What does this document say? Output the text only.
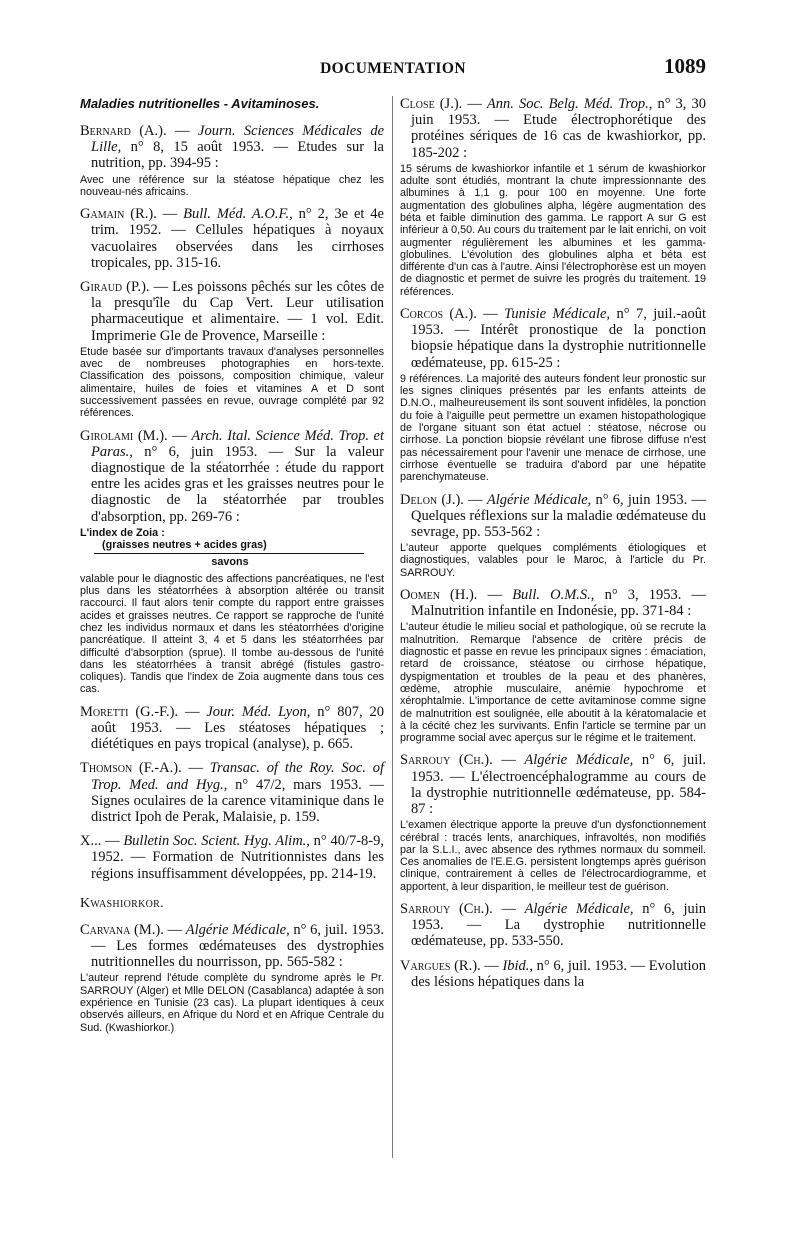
DOCUMENTATION	1089
Maladies nutritionelles - Avitaminoses.

Bernard (A.). — Journ. Sciences Médicales de Lille, n° 8, 15 août 1953. — Etudes sur la nutrition, pp. 394-95 :

Avec une référence sur la stéatose hépatique chez les nouveau-nés africains.

Gamain (R.). — Bull. Méd. A.O.F., n° 2, 3e et 4e trim. 1952. — Cellules hépatiques à noyaux vacuolaires observées dans les cirrhoses tropicales, pp. 315-16.

Giraud (P.). — Les poissons pêchés sur les côtes de la presqu'île du Cap Vert. Leur utilisation pharmaceutique et alimentaire. — 1 vol. Edit. Imprimerie Gle de Provence, Marseille :

Etude basée sur d'importants travaux d'analyses personnelles avec de nombreuses photographies en hors-texte. Classification des poissons, composition chimique, valeur alimentaire, huiles de foies et vitamines A et D sont successivement passées en revue, ouvrage complété par 92 références.

Girolami (M.). — Arch. Ital. Science Méd. Trop. et Paras., n° 6, juin 1953. — Sur la valeur diagnostique de la stéatorrhée : étude du rapport entre les acides gras et les graisses neutres pour le diagnostic de la stéatorrhée par troubles d'absorption, pp. 269-76 :

L'index de Zoia :
(graisses neutres + acides gras)
savons

valable pour le diagnostic des affections pancréatiques, ne l'est plus dans les stéatorrhées à absorption altérée ou transit raccourci. Il faut alors tenir compte du rapport entre graisses acides et graisses neutres. Ce rapport se rapproche de l'unité chez les individus normaux et dans les stéatorrhées d'origine pancréatique. Il atteint 3, 4 et 5 dans les stéatorrhées par difficulté d'absorption (sprue). Il tombe au-dessous de l'unité dans les stéatorrhées à transit abrégé (fistules gastro-coliques). Tandis que l'index de Zoia augmente dans tous ces cas.

Moretti (G.-F.). — Jour. Méd. Lyon, n° 807, 20 août 1953. — Les stéatoses hépatiques ; diététiques en pays tropical (analyse), p. 665.

Thomson (F.-A.). — Transac. of the Roy. Soc. of Trop. Med. and Hyg., n° 47/2, mars 1953. — Signes oculaires de la carence vitaminique dans le district Ipoh de Perak, Malaisie, p. 159.

X... — Bulletin Soc. Scient. Hyg. Alim., n° 40/7-8-9, 1952. — Formation de Nutritionnistes dans les régions insuffisamment développées, pp. 214-19.

Kwashiorkor.

Carvana (M.). — Algérie Médicale, n° 6, juil. 1953. — Les formes œdémateuses des dystrophies nutritionnelles du nourrisson, pp. 565-582 :

L'auteur reprend l'étude complète du syndrome après le Pr. SARROUY (Alger) et Mlle DELON (Casablanca) adaptée à son expérience en Tunisie (23 cas). La plupart identiques à ceux observés ailleurs, en Afrique du Nord et en Afrique Centrale du Sud. (Kwashiorkor.)

Close (J.). — Ann. Soc. Belg. Méd. Trop., n° 3, 30 juin 1953. — Etude électrophorétique des protéines sériques de 16 cas de kwashiorkor, pp. 185-202 :

15 sérums de kwashiorkor infantile et 1 sérum de kwashiorkor adulte sont étudiés, montrant la chute impressionnante des albumines à 1,1 g. pour 100 en moyenne. Une forte augmentation des globulines alpha, légère augmentation des béta et faible diminution des gamma. Le rapport A sur G est inférieur à 0,50. Au cours du traitement par le lait enrichi, on voit augmenter régulièrement les albumines et les gamma-globulines. L'évolution des globulines alpha et béta est différente d'un cas à l'autre. Ainsi l'électrophorèse est un moyen de diagnostic et permet de suivre les progrès du traitement. 19 références.

Corcos (A.). — Tunisie Médicale, n° 7, juil.-août 1953. — Intérêt pronostique de la ponction biopsie hépatique dans la dystrophie nutritionnelle œdémateuse, pp. 615-25 :

9 références. La majorité des auteurs fondent leur pronostic sur les signes cliniques présentés par les enfants atteints de D.N.O., malheureusement ils sont souvent infidèles, la ponction du foie à l'aiguille peut permettre un examen histopathologique de l'organe situant son état actuel : stéatose, nécrose ou cirrhose. La ponction biopsie révélant une fibrose diffuse n'est pas nécessairement pour l'avenir une menace de cirrhose, une cirrhose éventuelle se traduira d'abord par une hépatite parenchymateuse.

Delon (J.). — Algérie Médicale, n° 6, juin 1953. — Quelques réflexions sur la maladie œdémateuse du sevrage, pp. 553-562 :

L'auteur apporte quelques compléments étiologiques et diagnostiques, valables pour le Maroc, à l'article du Pr. SARROUY.

Oomen (H.). — Bull. O.M.S., n° 3, 1953. — Malnutrition infantile en Indonésie, pp. 371-84 :

L'auteur étudie le milieu social et pathologique, où se recrute la malnutrition. Remarque l'absence de critère précis de diagnostic et passe en revue les principaux signes : émaciation, retard de croissance, stéatose ou cirrhose hépatique, dyspigmentation et troubles de la peau et des phanères, œdème, atrophie musculaire, anémie hypochrome et xérophtalmie. L'importance de cette avitaminose comme signe de malnutrition est soulignée, elle aboutit à la kératomalacie et à la cécité chez les survivants. Enfin l'article se termine par un programme social avec aperçus sur le régime et le traitement.

Sarrouy (Ch.). — Algérie Médicale, n° 6, juil. 1953. — L'électroencéphalogramme au cours de la dystrophie nutritionnelle œdémateuse, pp. 584-87 :

L'examen électrique apporte la preuve d'un dysfonctionnement cérébral : tracés lents, anarchiques, infravoltés, non modifiés par la S.L.I., avec absence des rythmes normaux du sommeil. Ces anomalies de l'E.E.G. persistent longtemps après guérison clinique, contrairement à celles de l'électrocardiogramme, et apportent, à leur disparition, le meilleur test de guérison.

Sarrouy (Ch.). — Algérie Médicale, n° 6, juin 1953. — La dystrophie nutritionnelle œdémateuse, pp. 533-550.

Vargues (R.). — Ibid., n° 6, juil. 1953. — Evolution des lésions hépatiques dans la
